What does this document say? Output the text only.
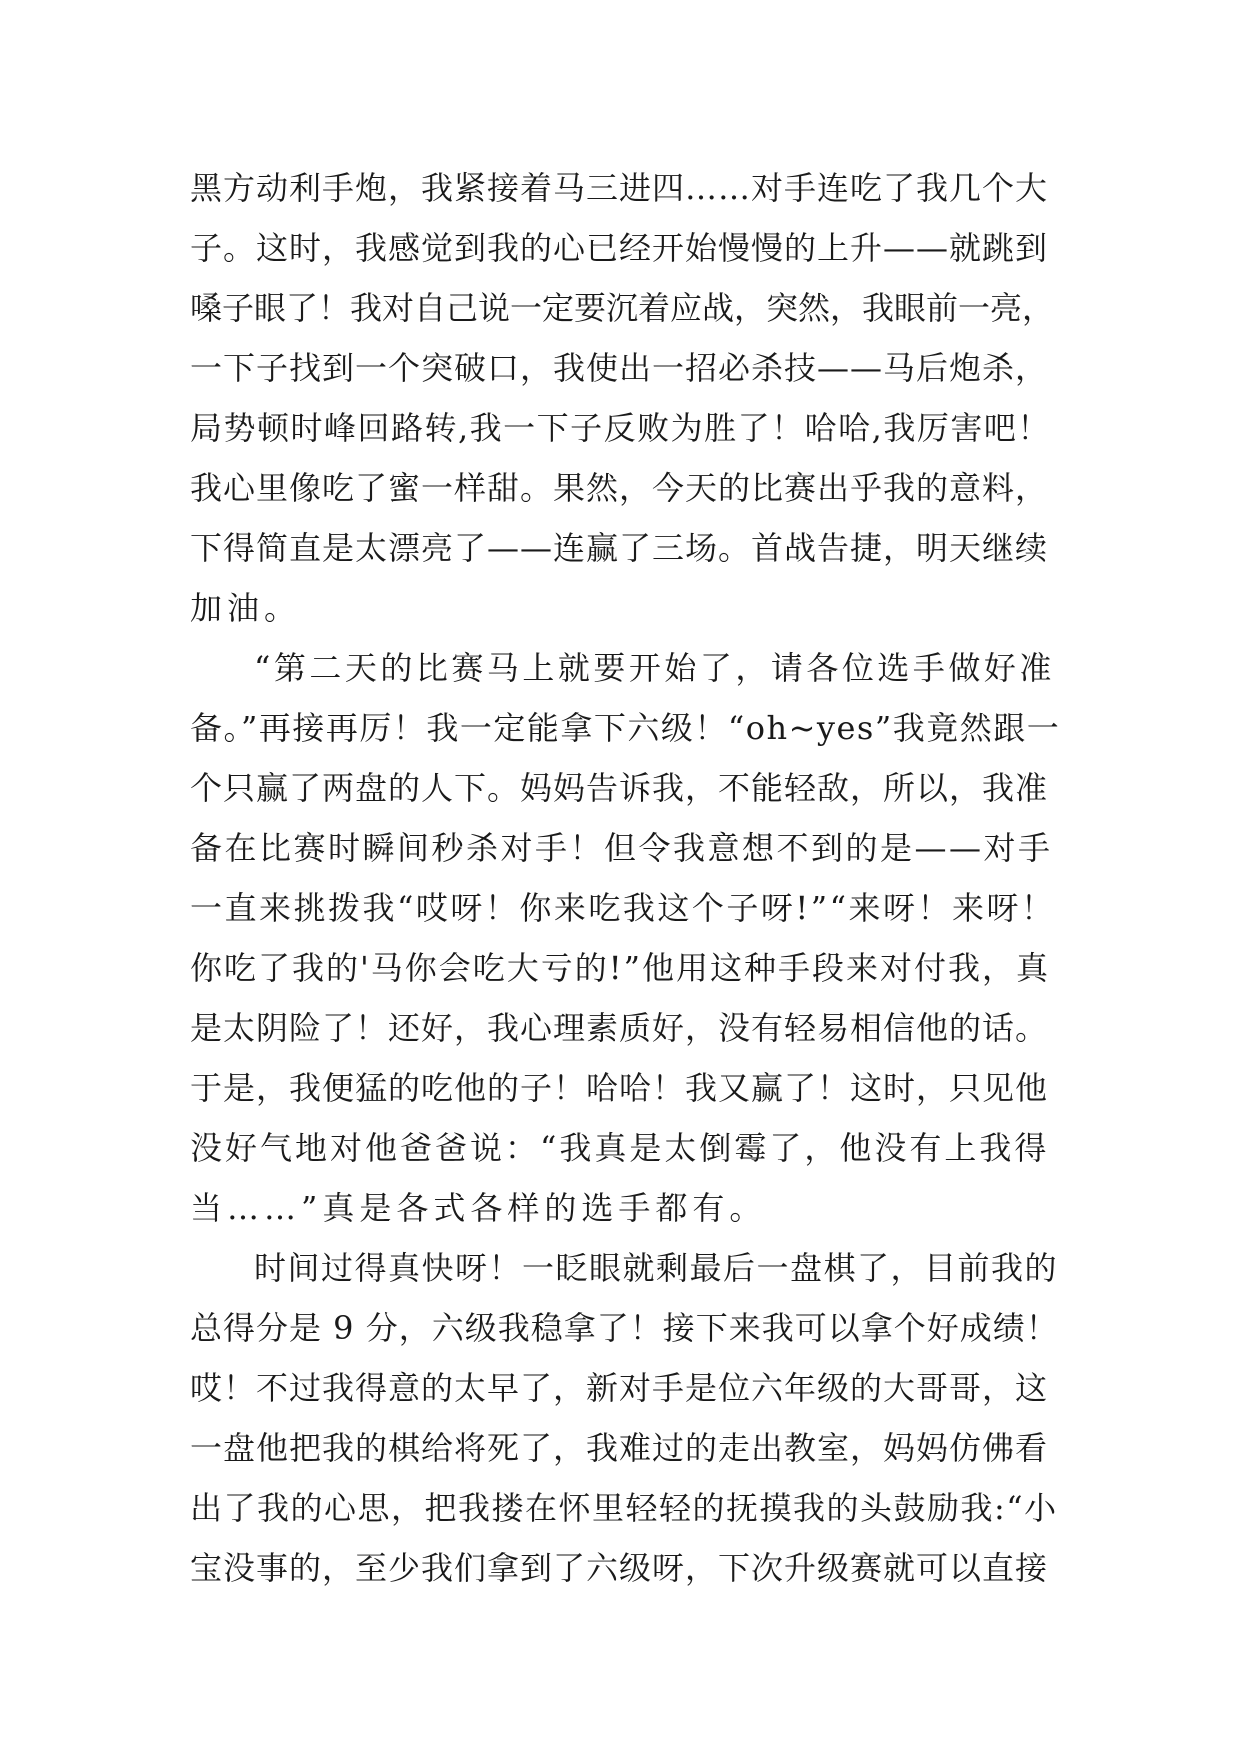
黑方动利手炮，我紧接着马三进四……对手连吃了我几个大
子。这时，我感觉到我的心已经开始慢慢的上升——就跳到
嗓子眼了！我对自己说一定要沉着应战，突然，我眼前一亮，
一下子找到一个突破口，我使出一招必杀技——马后炮杀，
局势顿时峰回路转,我一下子反败为胜了！哈哈,我厉害吧！
我心里像吃了蜜一样甜。果然，今天的比赛出乎我的意料，
下得简直是太漂亮了——连赢了三场。首战告捷，明天继续
加油。
“第二天的比赛马上就要开始了，请各位选手做好准
备。”再接再厉！我一定能拿下六级！“oh~yes”我竟然跟一
个只赢了两盘的人下。妈妈告诉我，不能轻敌，所以，我准
备在比赛时瞬间秒杀对手！但令我意想不到的是——对手
一直来挑拨我“哎呀！你来吃我这个子呀!”“来呀！来呀！
你吃了我的'马你会吃大亏的!”他用这种手段来对付我，真
是太阴险了！还好，我心理素质好，没有轻易相信他的话。
于是，我便猛的吃他的子！哈哈！我又赢了！这时，只见他
没好气地对他爸爸说：“我真是太倒霉了，他没有上我得
当……”真是各式各样的选手都有。
时间过得真快呀！一眨眼就剩最后一盘棋了，目前我的
总得分是 9 分，六级我稳拿了！接下来我可以拿个好成绩！
哎！不过我得意的太早了，新对手是位六年级的大哥哥，这
一盘他把我的棋给将死了，我难过的走出教室，妈妈仿佛看
出了我的心思，把我搂在怀里轻轻的抚摸我的头鼓励我:“小
宝没事的，至少我们拿到了六级呀，下次升级赛就可以直接
